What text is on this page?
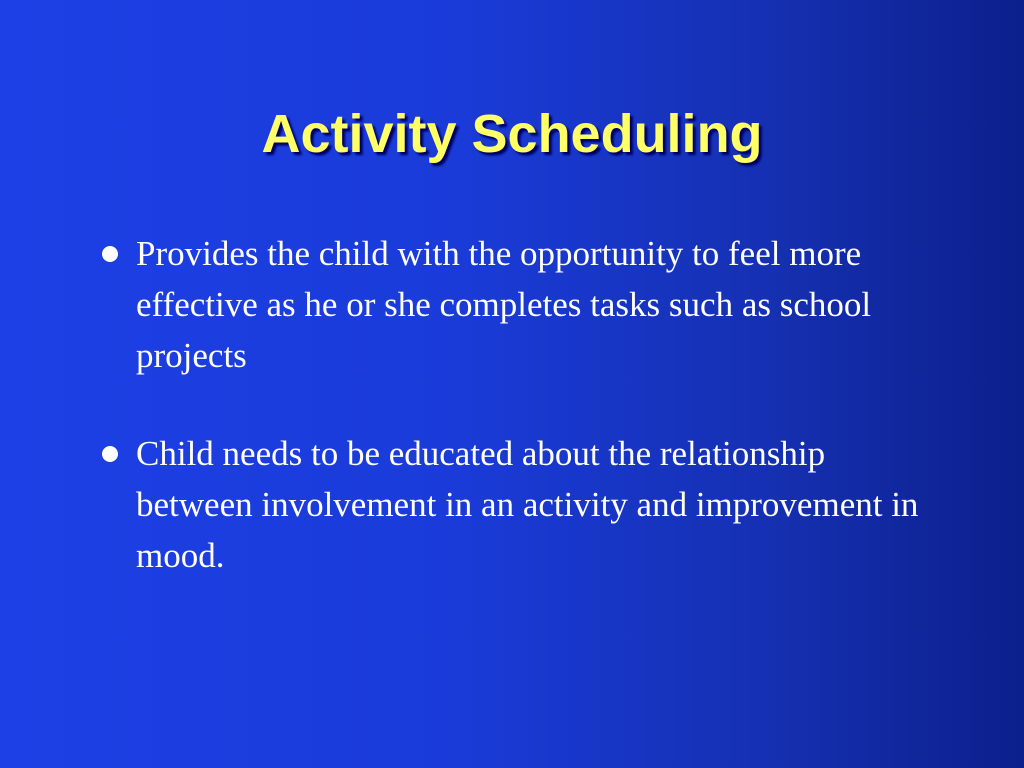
Activity Scheduling
Provides the child with the opportunity to feel more effective as he or she completes tasks such as school projects
Child needs to be educated about the relationship between involvement in an activity and improvement in mood.
